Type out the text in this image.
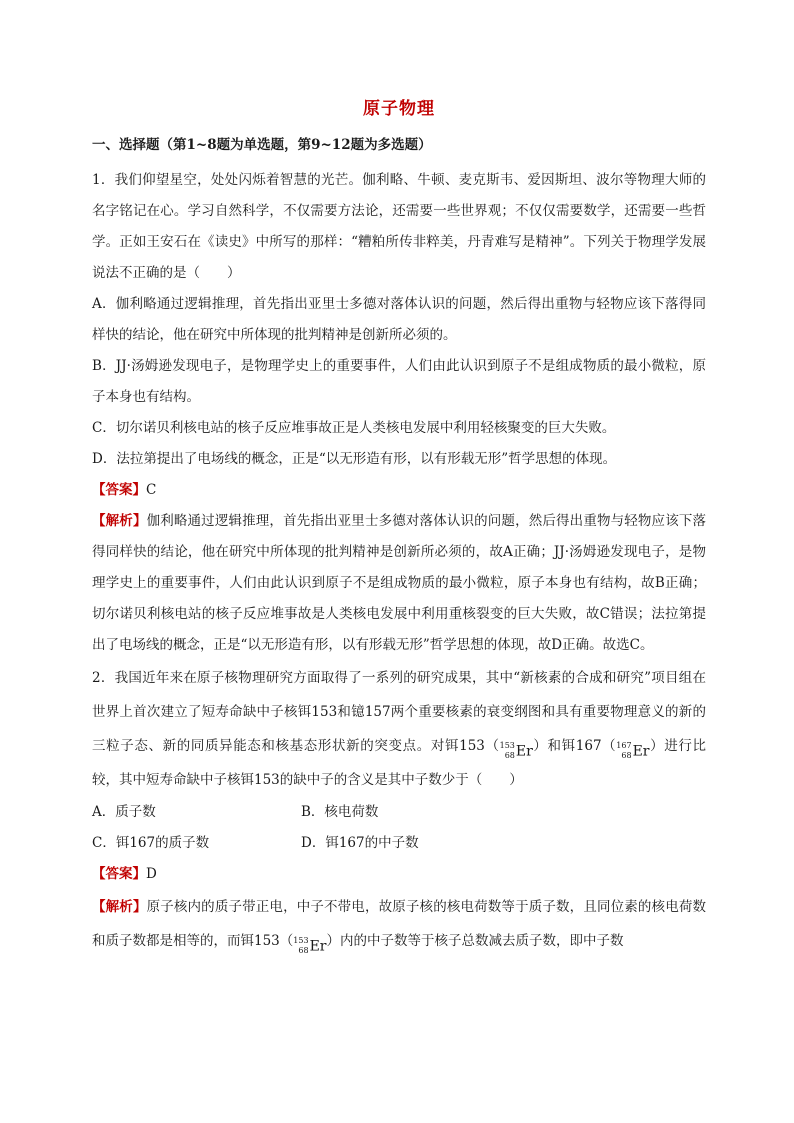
原子物理
一、选择题（第1~8题为单选题，第9~12题为多选题）

1．我们仰望星空，处处闪烁着智慧的光芒。伽利略、牛顿、麦克斯韦、爱因斯坦、波尔等物理大师的名字铭记在心。学习自然科学，不仅需要方法论，还需要一些世界观；不仅仅需要数学，还需要一些哲学。正如王安石在《读史》中所写的那样：“糟粕所传非粹美，丹青难写是精神”。下列关于物理学发展说法不正确的是（　　）

A．伽利略通过逻辑推理，首先指出亚里士多德对落体认识的问题，然后得出重物与轻物应该下落得同样快的结论，他在研究中所体现的批判精神是创新所必须的。

B．JJ·汤姆逊发现电子，是物理学史上的重要事件，人们由此认识到原子不是组成物质的最小微粒，原子本身也有结构。

C．切尔诺贝利核电站的核子反应堆事故正是人类核电发展中利用轻核聚变的巨大失败。

D．法拉第提出了电场线的概念，正是“以无形造有形，以有形载无形”哲学思想的体现。

【答案】C

【解析】伽利略通过逻辑推理，首先指出亚里士多德对落体认识的问题，然后得出重物与轻物应该下落得同样快的结论，他在研究中所体现的批判精神是创新所必须的，故A正确；JJ·汤姆逊发现电子，是物理学史上的重要事件，人们由此认识到原子不是组成物质的最小微粒，原子本身也有结构，故B正确；切尔诺贝利核电站的核子反应堆事故是人类核电发展中利用重核裂变的巨大失败，故C错误；法拉第提出了电场线的概念，正是“以无形造有形，以有形载无形”哲学思想的体现，故D正确。故选C。

2．我国近年来在原子核物理研究方面取得了一系列的研究成果，其中“新核素的合成和研究”项目组在世界上首次建立了短寿命缺中子核铒153和镱157两个重要核素的衰变纲图和具有重要物理意义的新的三粒子态、新的同质异能态和核基态形状新的突变点。对铒153（ 153
68 Er）和铒167（ 167
68 Er）进行比较，其中短寿命缺中子核铒153的缺中子的含义是其中子数少于（　　）

A．质子数	B．核电荷数
C．铒167的质子数	D．铒167的中子数

【答案】D

【解析】原子核内的质子带正电，中子不带电，故原子核的核电荷数等于质子数，且同位素的核电荷数和质子数都是相等的，而铒153（ 153
68 Er）内的中子数等于核子总数减去质子数，即中子数
